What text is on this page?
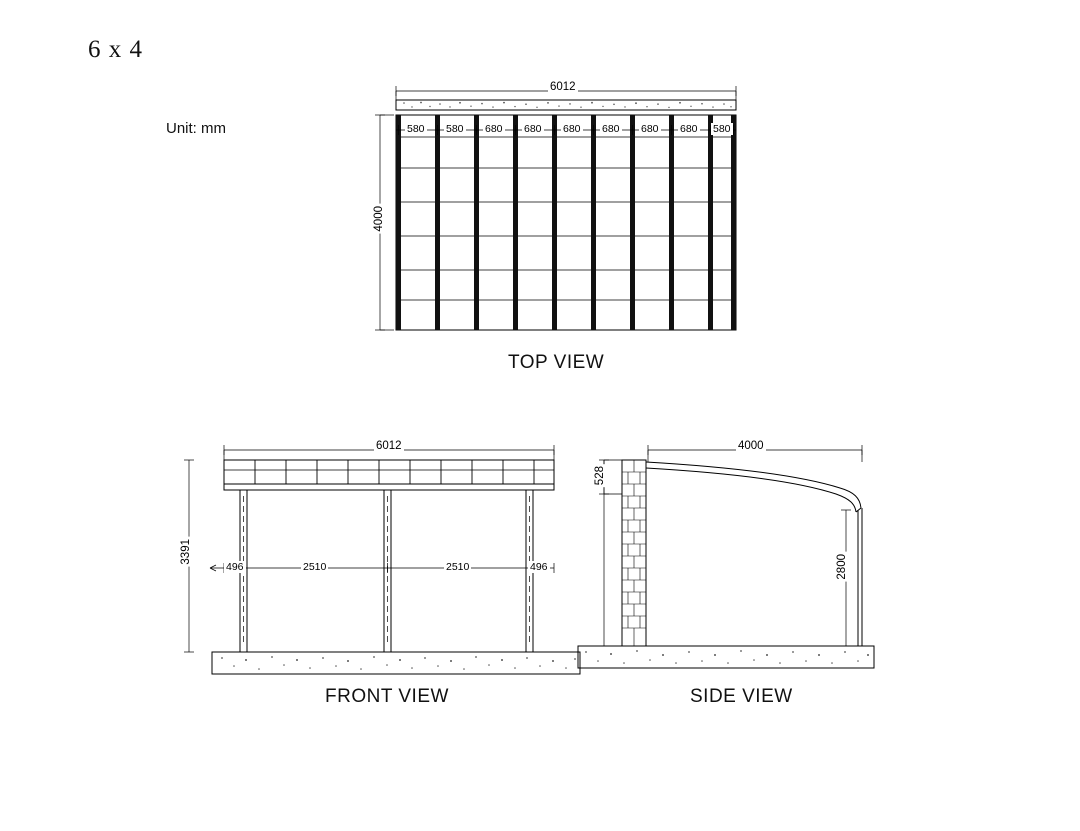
6 x 4
Unit: mm
6012
4000
580 580 680 680 680 680 680 680 580
TOP VIEW
6012
496	2510	2510	496
3391
FRONT VIEW
4000
528
2800
SIDE VIEW
